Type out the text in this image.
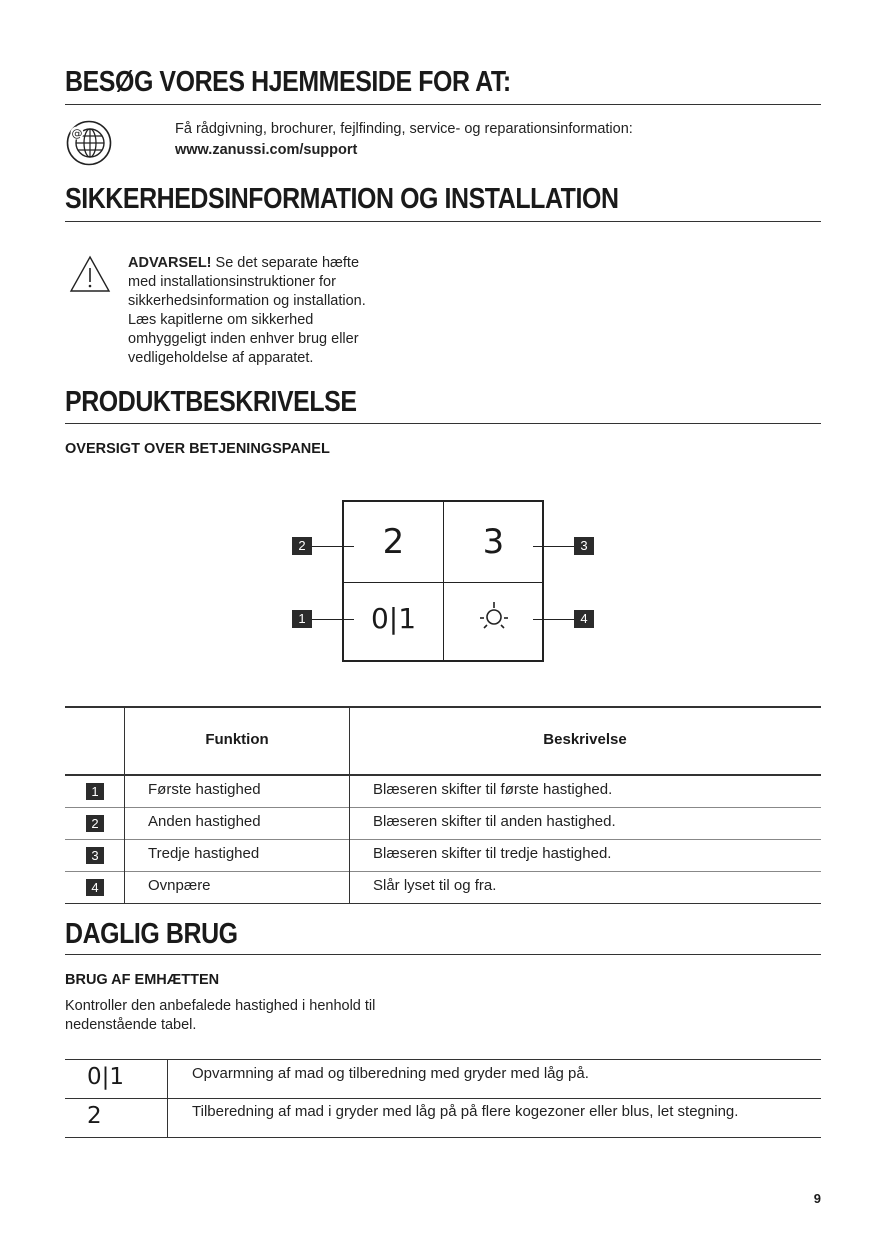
BESØG VORES HJEMMESIDE FOR AT:
@	Få rådgivning, brochurer, fejlfinding, service- og reparationsinformation:
www.zanussi.com/support
SIKKERHEDSINFORMATION OG INSTALLATION
ADVARSEL! Se det separate hæfte
med installationsinstruktioner for
sikkerhedsinformation og installation.
Læs kapitlerne om sikkerhed
omhyggeligt inden enhver brug eller
vedligeholdelse af apparatet.
PRODUKTBESKRIVELSE
OVERSIGT OVER BETJENINGSPANEL
2	3
0|1
2	3
1	4
Funktion	Beskrivelse
1	Første hastighed	Blæseren skifter til første hastighed.
2	Anden hastighed	Blæseren skifter til anden hastighed.
3	Tredje hastighed	Blæseren skifter til tredje hastighed.
4	Ovnpære	Slår lyset til og fra.
DAGLIG BRUG
BRUG AF EMHÆTTEN
Kontroller den anbefalede hastighed i henhold til
nedenstående tabel.
0|1	Opvarmning af mad og tilberedning med gryder med låg på.
2	Tilberedning af mad i gryder med låg på på flere kogezoner eller blus, let stegning.
9
